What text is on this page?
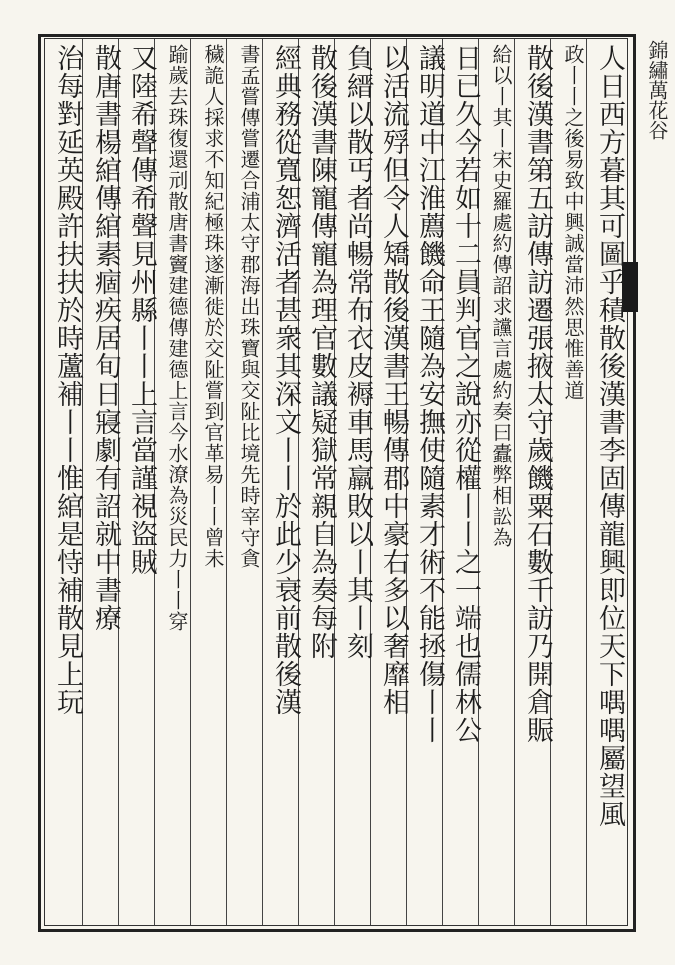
錦繡萬花谷
人日西方暮其可圖乎積散後漢書李固傳龍興即位天下喁喁屬望風
政丨丨之後易致中興誠當沛然思惟善道
散後漢書第五訪傳訪遷張掖太守歲饑粟石數千訪乃開倉賑
給以丨其丨宋史羅處約傳詔求讜言處約奏曰蠹弊相訟為
日已久今若如十二員判官之說亦從權丨丨之一端也儒林公
議明道中江淮薦饑命王隨為安撫使隨素才術不能拯傷丨丨
以活流殍但令人矯散後漢書王暢傳郡中豪右多以奢靡相
負縉以散丐者尚暢常布衣皮褥車馬羸敗以丨其丨刻
散後漢書陳寵傳寵為理官數議疑獄常親自為奏每附
經典務從寬恕濟活者甚衆其深文丨丨於此少衰前散後漢
書孟嘗傳嘗遷合浦太守郡海出珠寶與交阯比境先時宰守貪
穢詭人採求不知紀極珠遂漸徙於交阯嘗到官革易丨丨曾未
踰歲去珠復還刓散唐書竇建德傳建德上言今水潦為災民力丨丨穿
又陸希聲傳希聲見州縣丨丨上言當謹視盜賊
散唐書楊綰傳綰素痼疾居旬日寢劇有詔就中書療
治每對延英殿許扶扶於時蘆補丨丨惟綰是恃補散見上玩
